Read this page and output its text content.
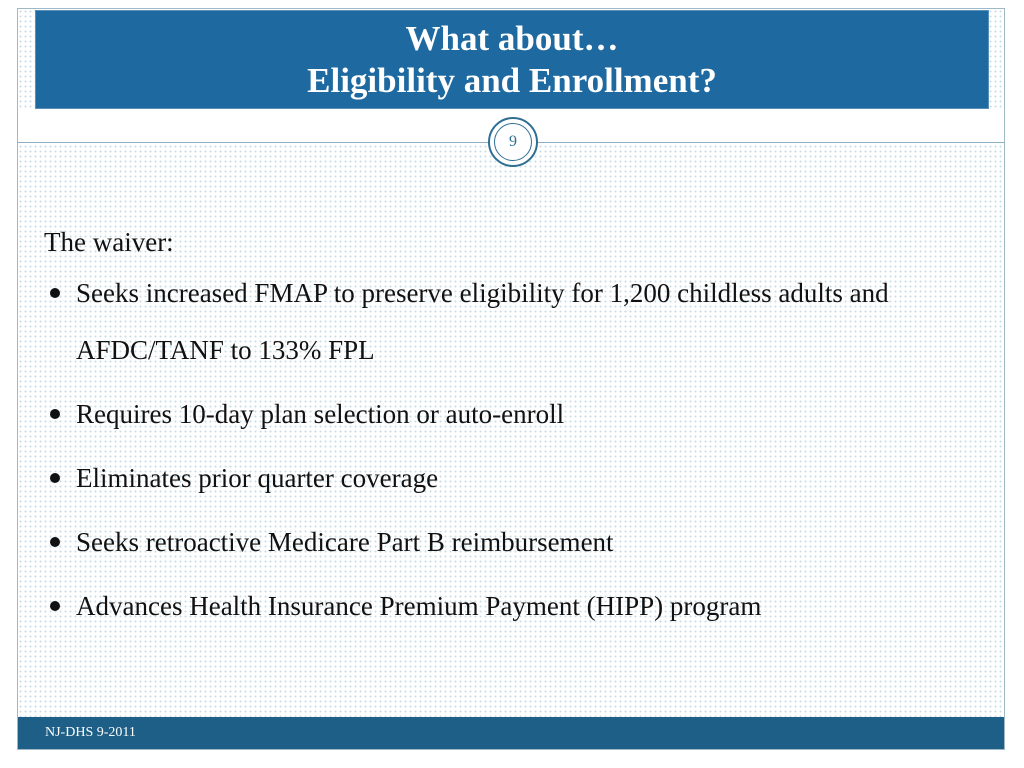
What about…
Eligibility and Enrollment?
9
The waiver:
Seeks increased FMAP to preserve eligibility for 1,200 childless adults and AFDC/TANF to 133% FPL
Requires 10-day plan selection or auto-enroll
Eliminates prior quarter coverage
Seeks retroactive Medicare Part B reimbursement
Advances Health Insurance Premium Payment (HIPP) program
NJ-DHS 9-2011
